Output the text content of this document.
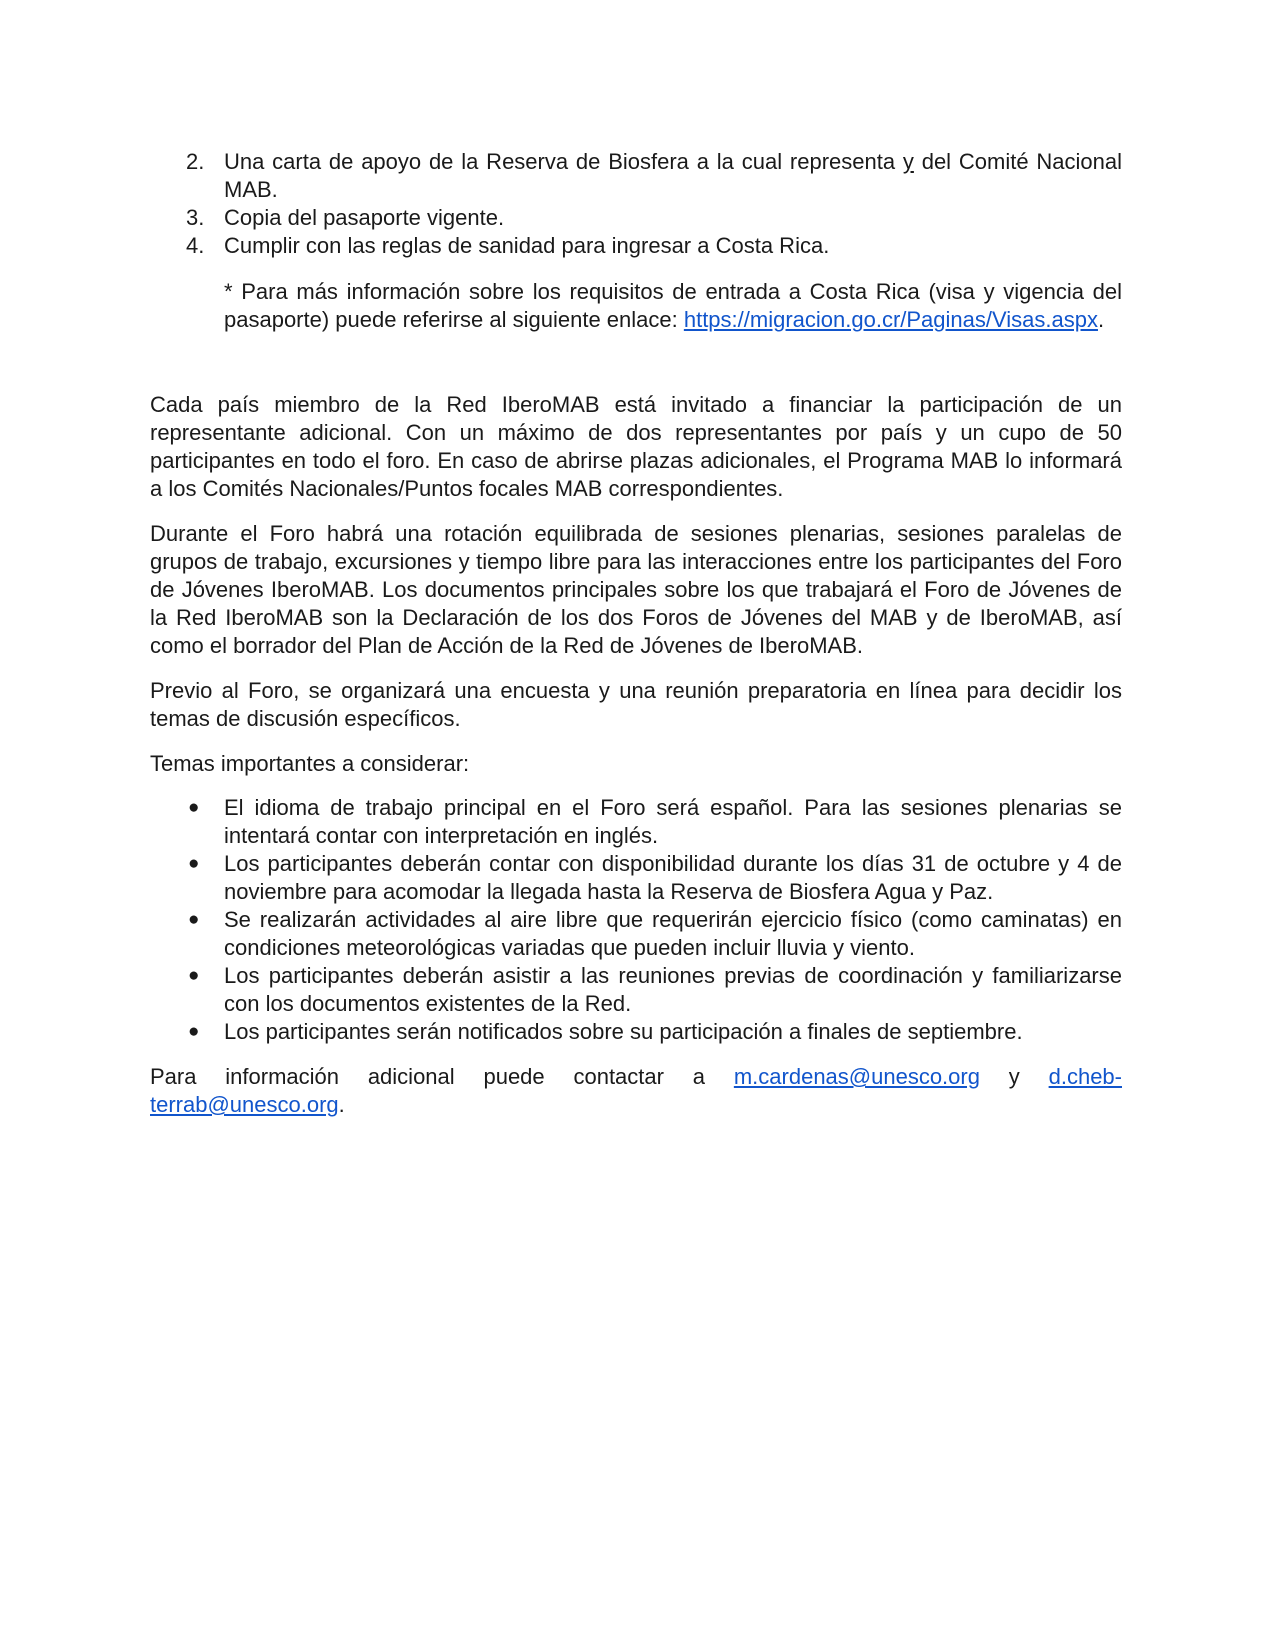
2. Una carta de apoyo de la Reserva de Biosfera a la cual representa y del Comité Nacional MAB.
3. Copia del pasaporte vigente.
4. Cumplir con las reglas de sanidad para ingresar a Costa Rica.
* Para más información sobre los requisitos de entrada a Costa Rica (visa y vigencia del pasaporte) puede referirse al siguiente enlace: https://migracion.go.cr/Paginas/Visas.aspx.

Cada país miembro de la Red IberoMAB está invitado a financiar la participación de un representante adicional. Con un máximo de dos representantes por país y un cupo de 50 participantes en todo el foro. En caso de abrirse plazas adicionales, el Programa MAB lo informará a los Comités Nacionales/Puntos focales MAB correspondientes.

Durante el Foro habrá una rotación equilibrada de sesiones plenarias, sesiones paralelas de grupos de trabajo, excursiones y tiempo libre para las interacciones entre los participantes del Foro de Jóvenes IberoMAB. Los documentos principales sobre los que trabajará el Foro de Jóvenes de la Red IberoMAB son la Declaración de los dos Foros de Jóvenes del MAB y de IberoMAB, así como el borrador del Plan de Acción de la Red de Jóvenes de IberoMAB.

Previo al Foro, se organizará una encuesta y una reunión preparatoria en línea para decidir los temas de discusión específicos.

Temas importantes a considerar:

● El idioma de trabajo principal en el Foro será español. Para las sesiones plenarias se intentará contar con interpretación en inglés.
● Los participantes deberán contar con disponibilidad durante los días 31 de octubre y 4 de noviembre para acomodar la llegada hasta la Reserva de Biosfera Agua y Paz.
● Se realizarán actividades al aire libre que requerirán ejercicio físico (como caminatas) en condiciones meteorológicas variadas que pueden incluir lluvia y viento.
● Los participantes deberán asistir a las reuniones previas de coordinación y familiarizarse con los documentos existentes de la Red.
● Los participantes serán notificados sobre su participación a finales de septiembre.

Para información adicional puede contactar a m.cardenas@unesco.org y d.cheb-terrab@unesco.org.
